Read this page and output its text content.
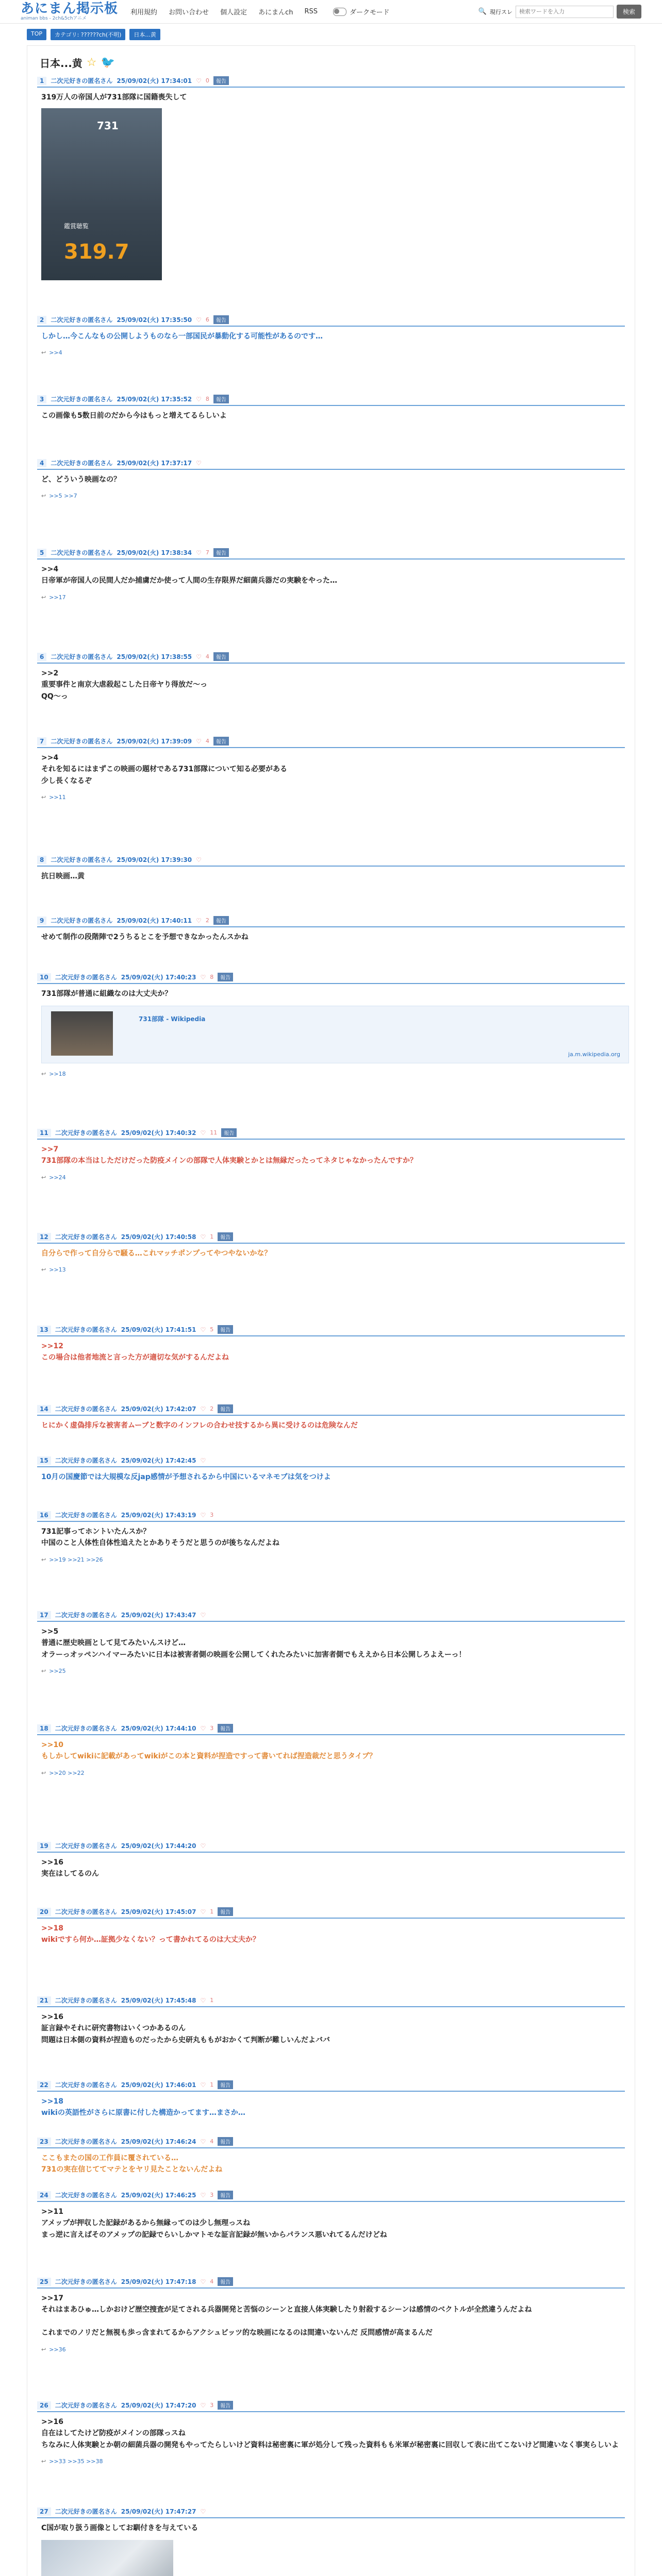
あにまん掲示板
animan bbs - 2ch&5chアニメ
利用規約 お問い合わせ 個人設定 あにまんch RSS	ダークモード	🔍 現行スレ
検索ワードを入力	検索
TOP	カテゴリ: ??????ch(不明)	日本...黄
日本...黄 ☆ 🐦
1	二次元好きの匿名さん 25/09/02(火) 17:34:01 ♡ 0	報告
319万人の帝国人が731部隊に国籍喪失して
731
鑑賞聴覧
319.7
2	二次元好きの匿名さん 25/09/02(火) 17:35:50 ♡ 6	報告
しかし…今こんなもの公開しようものなら一部国民が暴動化する可能性があるのです…
↩ >>4
3	二次元好きの匿名さん 25/09/02(火) 17:35:52 ♡ 8	報告
この画像も5数日前のだから今はもっと増えてるらしいよ
4	二次元好きの匿名さん 25/09/02(火) 17:37:17 ♡
ど、どういう映画なの？
↩ >>5 >>7
5	二次元好きの匿名さん 25/09/02(火) 17:38:34 ♡ 7	報告
>>4
日帝軍が帝国人の民間人だか捕虜だか使って人間の生存限界だ細菌兵器だの実験をやった…
↩ >>17
6	二次元好きの匿名さん 25/09/02(火) 17:38:55 ♡ 4	報告
>>2
重要事件と南京大虐殺起こした日帝ヤり得放だ〜っ
QQ〜っ
7	二次元好きの匿名さん 25/09/02(火) 17:39:09 ♡ 4	報告
>>4
それを知るにはまずこの映画の題材である731部隊について知る必要がある
少し長くなるぞ
↩ >>11
8	二次元好きの匿名さん 25/09/02(火) 17:39:30 ♡
抗日映画…黄
9	二次元好きの匿名さん 25/09/02(火) 17:40:11 ♡ 2	報告
せめて制作の段階陣で2うちるとこを予想できなかったんスかね
10	二次元好きの匿名さん 25/09/02(火) 17:40:23 ♡ 8	報告
731部隊が普通に組織なのは大丈夫か？
731部隊 - Wikipedia
ja.m.wikipedia.org
↩ >>18
11	二次元好きの匿名さん 25/09/02(火) 17:40:32 ♡ 11	報告
>>7
731部隊の本当はしただけだった防疫メインの部隊で人体実験とかとは無縁だったってネタじゃなかったんですか？
↩ >>24
12	二次元好きの匿名さん 25/09/02(火) 17:40:58 ♡ 1	報告
自分らで作って自分らで騒る…これマッチポンプってやつやないかな？
↩ >>13
13	二次元好きの匿名さん 25/09/02(火) 17:41:51 ♡ 5	報告
>>12
この場合は他者地流と言った方が適切な気がするんだよね
14	二次元好きの匿名さん 25/09/02(火) 17:42:07 ♡ 2	報告
ヒにかく虚偽排斥な被害者ムーブと数字のインフレの合わせ技するから異に受けるのは危険なんだ
15	二次元好きの匿名さん 25/09/02(火) 17:42:45 ♡
10月の国慶節では大規模な反jap感情が予想されるから中国にいるマネモブは気をつけよ
16	二次元好きの匿名さん 25/09/02(火) 17:43:19 ♡ 3
731記事ってホントいたんスか？
中国のこと人体性自体性追えたとかありそうだと思うのが後ちなんだよね
↩ >>19 >>21 >>26
17	二次元好きの匿名さん 25/09/02(火) 17:43:47 ♡
>>5
普通に歴史映画として見てみたいんスけど…
オラーっオッペンハイマーみたいに日本は被害者側の映画を公開してくれたみたいに加害者側でもええから日本公開しろよえーっ！
↩ >>25
18	二次元好きの匿名さん 25/09/02(火) 17:44:10 ♡ 3	報告
>>10
もしかしてwikiに記載があってwikiがこの本と資料が捏造ですって書いてれば捏造裁だと思うタイプ？
↩ >>20 >>22
19	二次元好きの匿名さん 25/09/02(火) 17:44:20 ♡
>>16
実在はしてるのん
20	二次元好きの匿名さん 25/09/02(火) 17:45:07 ♡ 1	報告
>>18
wikiですら何か…証拠少なくない？って書かれてるのは大丈夫か？
21	二次元好きの匿名さん 25/09/02(火) 17:45:48 ♡ 1
>>16
証言録やそれに研究書物はいくつかあるのん
問題は日本側の資料が捏造ものだったから史研丸ももがおかくて判断が難しいんだよババ
22	二次元好きの匿名さん 25/09/02(火) 17:46:01 ♡ 1	報告
>>18
wikiの英語性がさらに原書に付した構造かってます…まさか…
23	二次元好きの匿名さん 25/09/02(火) 17:46:24 ♡ 4	報告
ここもまたの国の工作員に覆されている…
731の実在信じててマテとをヤリ見たことないんだよね
24	二次元好きの匿名さん 25/09/02(火) 17:46:25 ♡ 3	報告
>>11
アメップが押収した記録があるから無縁ってのは少し無理っスね
まっ逆に言えばそのアメップの記録でらいしかマトモな証言記録が無いからパランス悪いれてるんだけどね
25	二次元好きの匿名さん 25/09/02(火) 17:47:18 ♡ 4	報告
>>17
それはまあひゅ…しかおけど歴空捜査が足てされる兵器開発と苦悩のシーンと直接人体実験したり射殺するシーンは感情のベクトルが全然違うんだよね

これまでのノリだと無視も歩っ含まれてるからアクシュビッツ的な映画になるのは間違いないんだ 反問感情が高まるんだ
↩ >>36
26	二次元好きの匿名さん 25/09/02(火) 17:47:20 ♡ 3	報告
>>16
自在はしてたけど防疫がメインの部隊っスね
ちなみに人体実験とか朝の細菌兵器の開発もやってたらしいけど資料は秘密裏に軍が処分して残った資料もも米軍が秘密裏に回収して表に出てこないけど間違いなく事実らしいよ
↩ >>33 >>35 >>38
27	二次元好きの匿名さん 25/09/02(火) 17:47:27 ♡
C国が取り扱う画像としてお馴付きを与えている
